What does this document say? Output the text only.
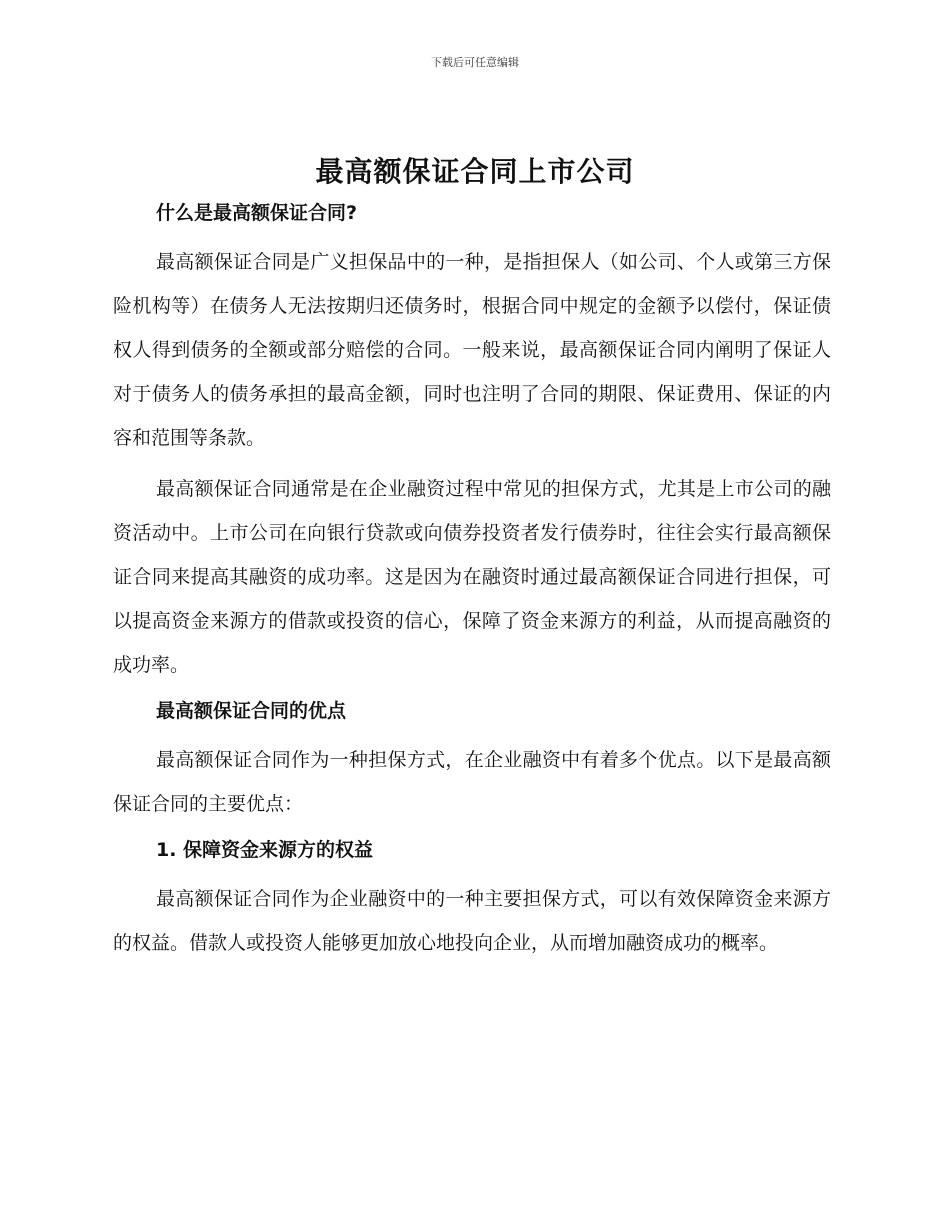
下载后可任意编辑
最高额保证合同上市公司
什么是最高额保证合同?

最高额保证合同是广义担保品中的一种，是指担保人（如公司、个人或第三方保险机构等）在债务人无法按期归还债务时，根据合同中规定的金额予以偿付，保证债权人得到债务的全额或部分赔偿的合同。一般来说，最高额保证合同内阐明了保证人对于债务人的债务承担的最高金额，同时也注明了合同的期限、保证费用、保证的内容和范围等条款。

最高额保证合同通常是在企业融资过程中常见的担保方式，尤其是上市公司的融资活动中。上市公司在向银行贷款或向债券投资者发行债券时，往往会实行最高额保证合同来提高其融资的成功率。这是因为在融资时通过最高额保证合同进行担保，可以提高资金来源方的借款或投资的信心，保障了资金来源方的利益，从而提高融资的成功率。

最高额保证合同的优点

最高额保证合同作为一种担保方式，在企业融资中有着多个优点。以下是最高额保证合同的主要优点：

1. 保障资金来源方的权益

最高额保证合同作为企业融资中的一种主要担保方式，可以有效保障资金来源方的权益。借款人或投资人能够更加放心地投向企业，从而增加融资成功的概率。
